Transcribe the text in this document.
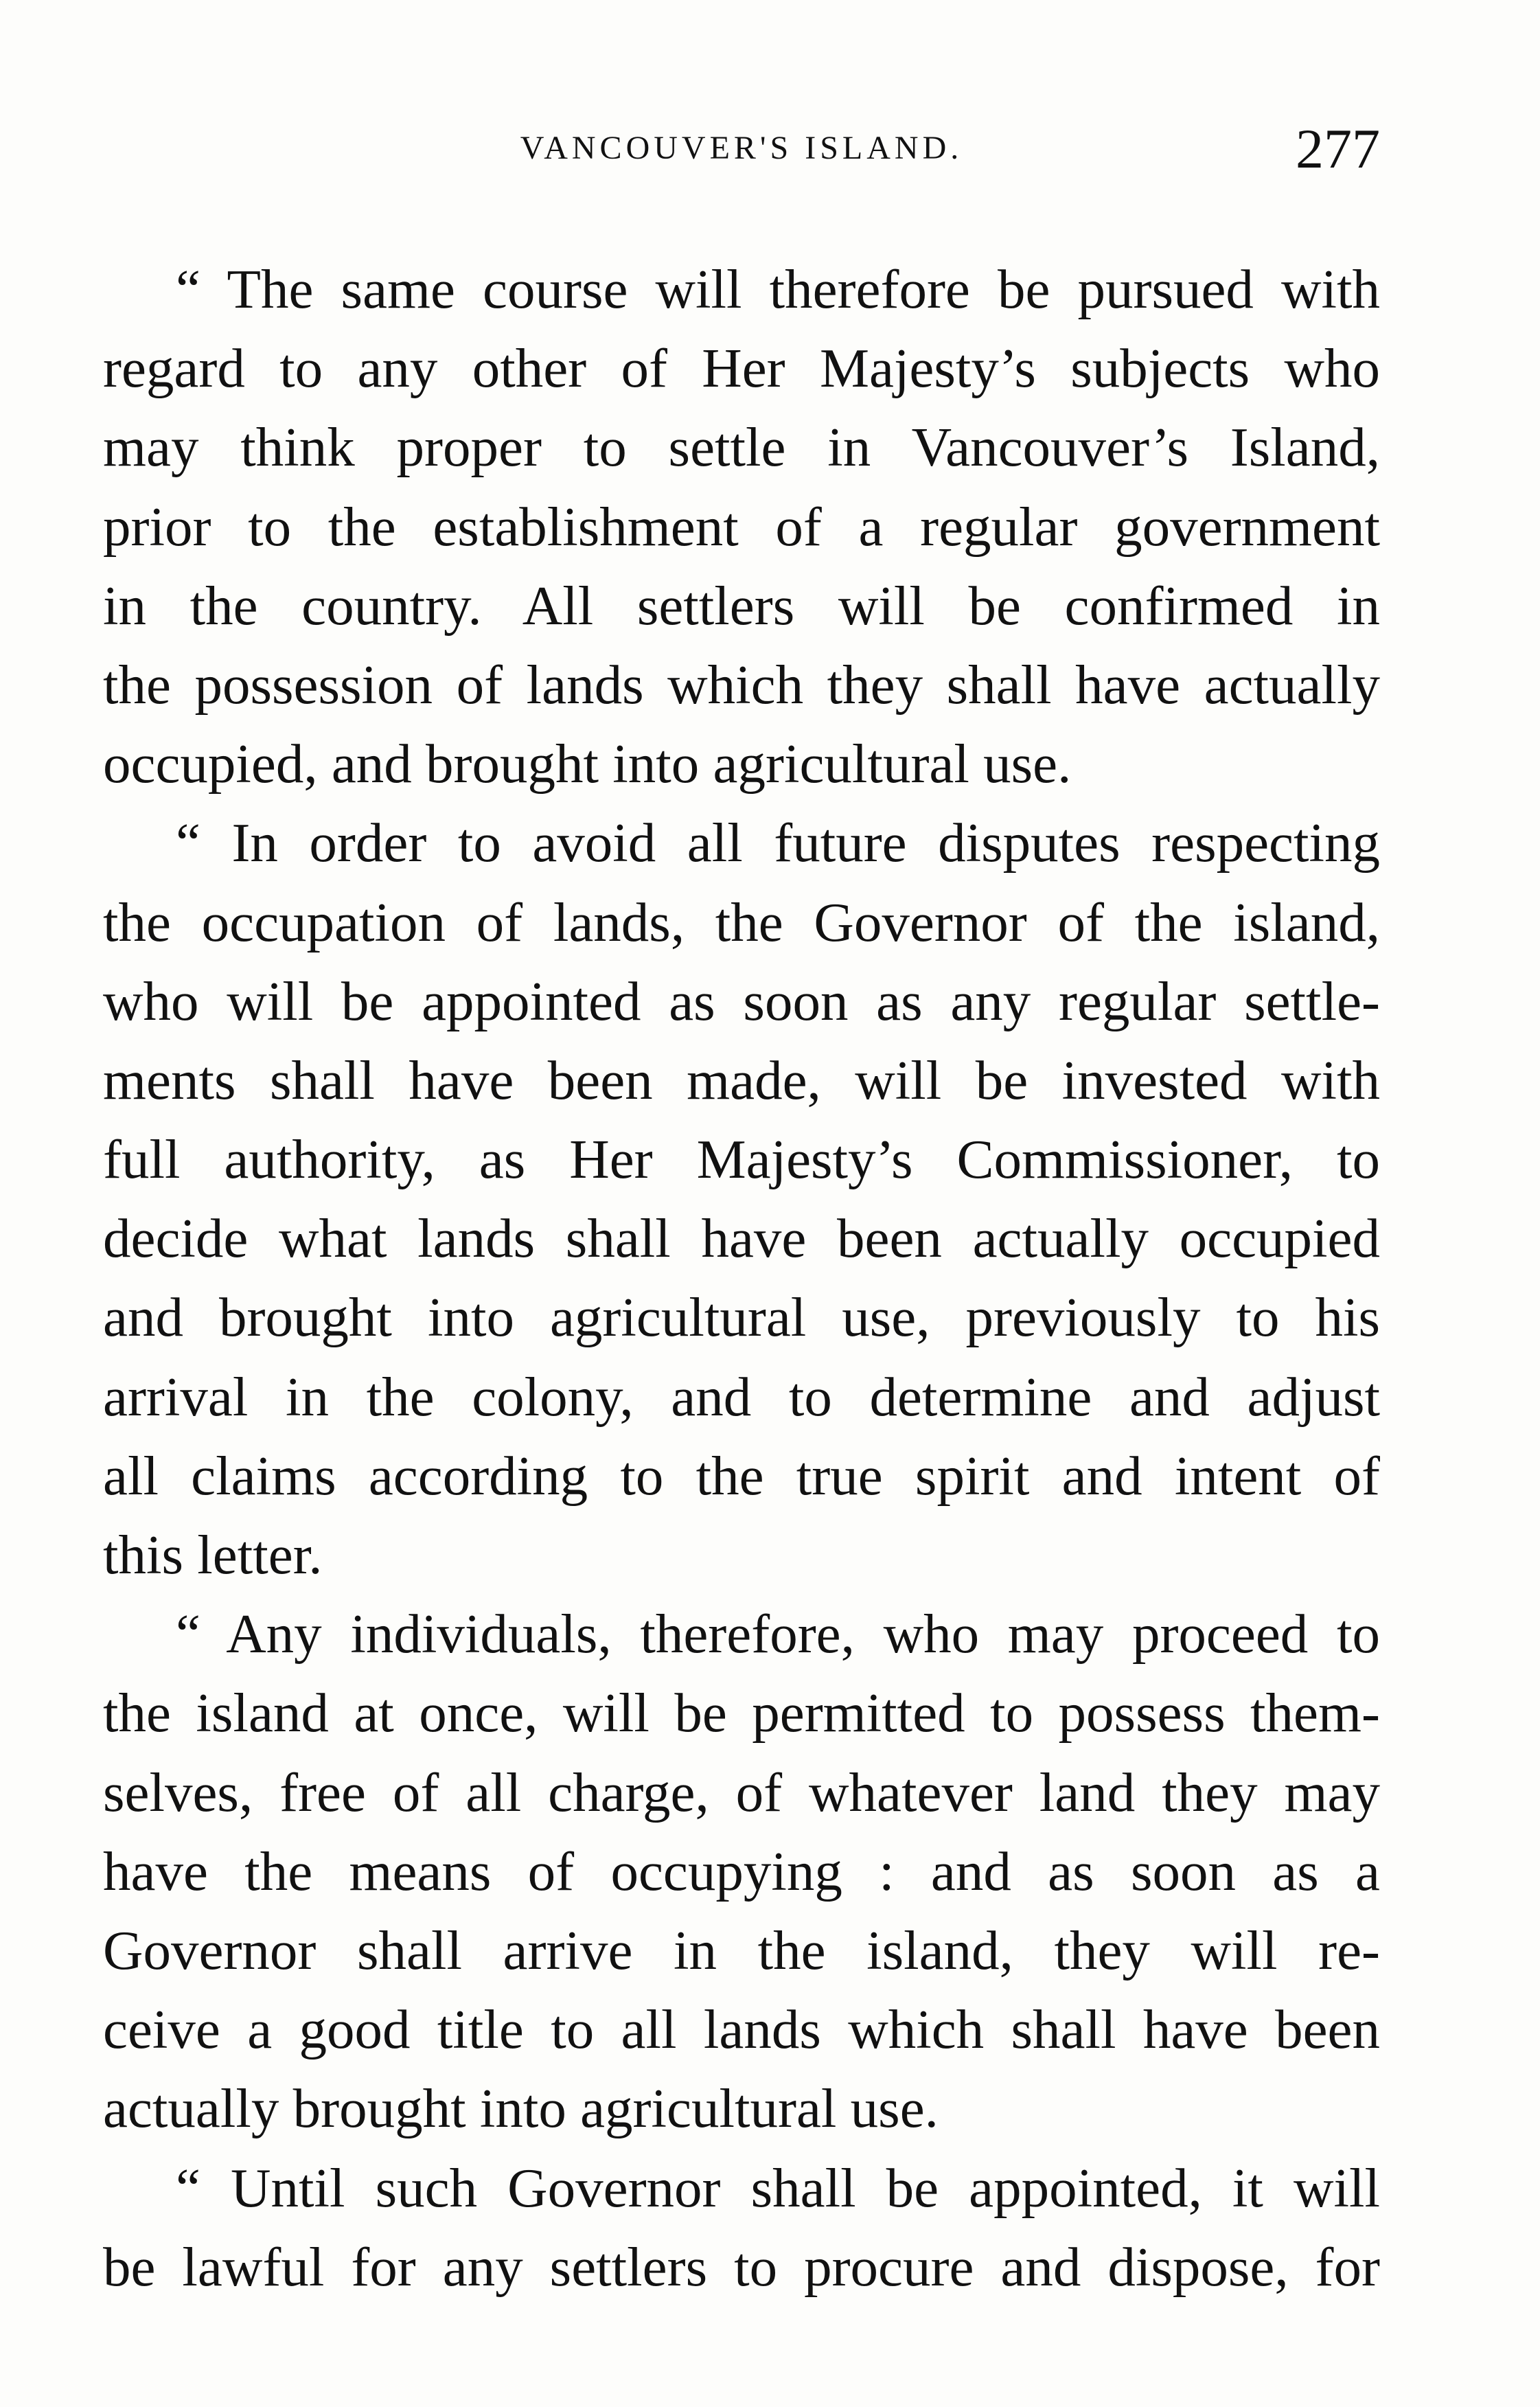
VANCOUVER'S ISLAND.	277
“ The same course will therefore be pursued with
regard to any other of Her Majesty’s subjects who
may think proper to settle in Vancouver’s Island,
prior to the establishment of a regular government
in the country. All settlers will be confirmed in
the possession of lands which they shall have actually
occupied, and brought into agricultural use.
“ In order to avoid all future disputes respecting
the occupation of lands, the Governor of the island,
who will be appointed as soon as any regular settle-
ments shall have been made, will be invested with
full authority, as Her Majesty’s Commissioner, to
decide what lands shall have been actually occupied
and brought into agricultural use, previously to his
arrival in the colony, and to determine and adjust
all claims according to the true spirit and intent of
this letter.
“ Any individuals, therefore, who may proceed to
the island at once, will be permitted to possess them-
selves, free of all charge, of whatever land they may
have the means of occupying : and as soon as a
Governor shall arrive in the island, they will re-
ceive a good title to all lands which shall have been
actually brought into agricultural use.
“ Until such Governor shall be appointed, it will
be lawful for any settlers to procure and dispose, for
